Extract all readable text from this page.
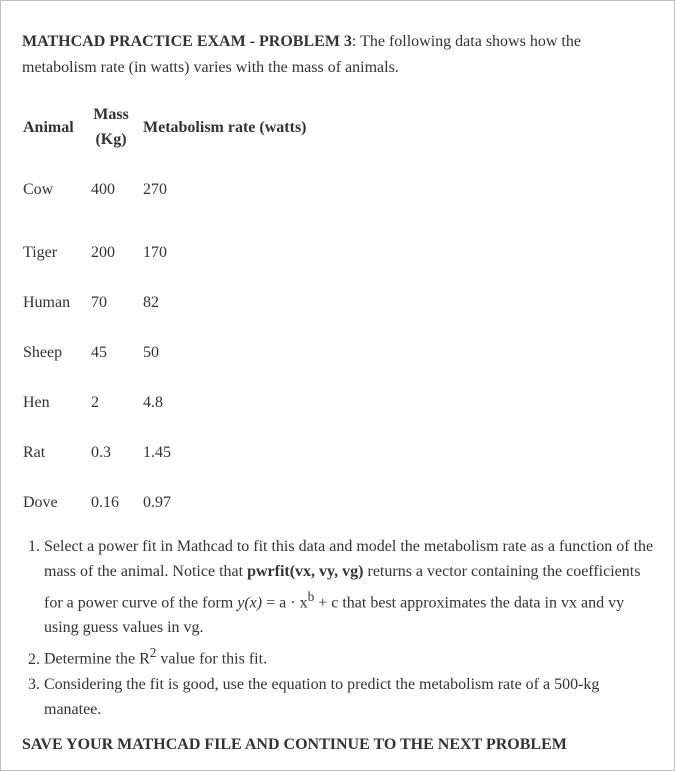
MATHCAD PRACTICE EXAM - PROBLEM 3: The following data shows how the metabolism rate (in watts) varies with the mass of animals.

Animal	Mass (Kg)	Metabolism rate (watts)
Cow	400	270
Tiger	200	170
Human	70	82
Sheep	45	50
Hen	2	4.8
Rat	0.3	1.45
Dove	0.16	0.97
1. Select a power fit in Mathcad to fit this data and model the metabolism rate as a function of the mass of the animal. Notice that pwrfit(vx, vy, vg) returns a vector containing the coefficients for a power curve of the form $y(x) = a \cdot x^b + c$ that best approximates the data in vx and vy using guess values in vg.
2. Determine the $R^2$ value for this fit.
3. Considering the fit is good, use the equation to predict the metabolism rate of a 500-kg manatee.
SAVE YOUR MATHCAD FILE AND CONTINUE TO THE NEXT PROBLEM
